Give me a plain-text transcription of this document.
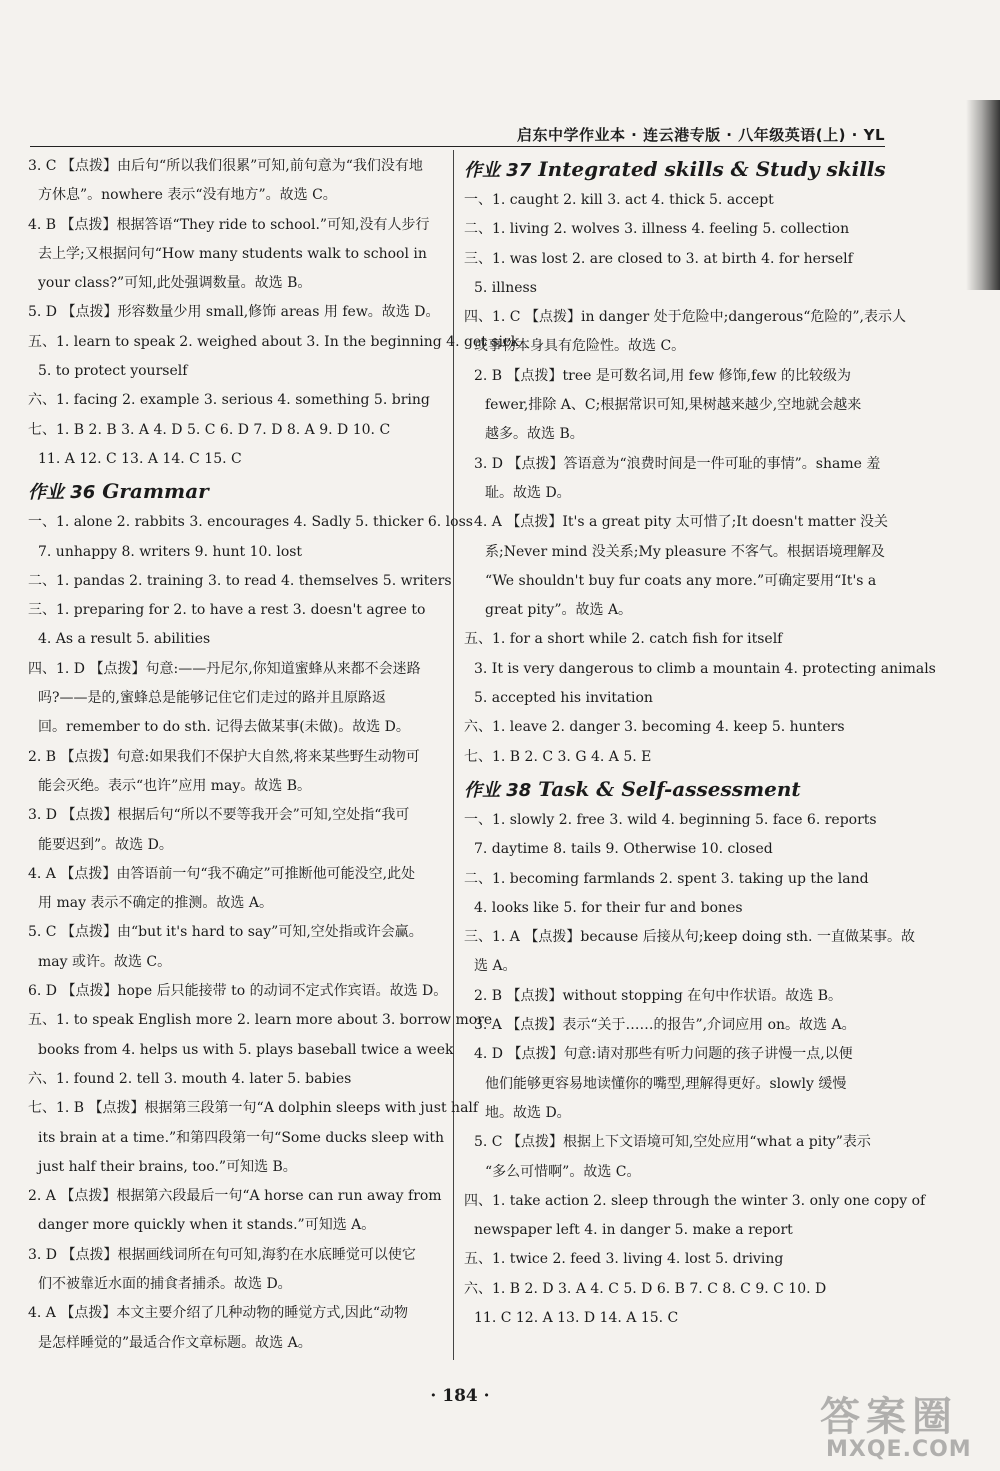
启东中学作业本 · 连云港专版 · 八年级英语(上) · YL
3. C 【点拨】由后句“所以我们很累”可知,前句意为“我们没有地
方休息”。nowhere 表示“没有地方”。故选 C。
4. B 【点拨】根据答语“They ride to school.”可知,没有人步行
去上学;又根据问句“How many students walk to school in
your class?”可知,此处强调数量。故选 B。
5. D 【点拨】形容数量少用 small,修饰 areas 用 few。故选 D。
五、1. learn to speak 2. weighed about 3. In the beginning 4. get sick
5. to protect yourself
六、1. facing 2. example 3. serious 4. something 5. bring
七、1. B 2. B 3. A 4. D 5. C 6. D 7. D 8. A 9. D 10. C
11. A 12. C 13. A 14. C 15. C
作业 36 Grammar
一、1. alone 2. rabbits 3. encourages 4. Sadly 5. thicker 6. loss
7. unhappy 8. writers 9. hunt 10. lost
二、1. pandas 2. training 3. to read 4. themselves 5. writers
三、1. preparing for 2. to have a rest 3. doesn't agree to
4. As a result 5. abilities
四、1. D 【点拨】句意:——丹尼尔,你知道蜜蜂从来都不会迷路
吗?——是的,蜜蜂总是能够记住它们走过的路并且原路返
回。remember to do sth. 记得去做某事(未做)。故选 D。
2. B 【点拨】句意:如果我们不保护大自然,将来某些野生动物可
能会灭绝。表示“也许”应用 may。故选 B。
3. D 【点拨】根据后句“所以不要等我开会”可知,空处指“我可
能要迟到”。故选 D。
4. A 【点拨】由答语前一句“我不确定”可推断他可能没空,此处
用 may 表示不确定的推测。故选 A。
5. C 【点拨】由“but it's hard to say”可知,空处指或许会赢。
may 或许。故选 C。
6. D 【点拨】hope 后只能接带 to 的动词不定式作宾语。故选 D。
五、1. to speak English more 2. learn more about 3. borrow more
books from 4. helps us with 5. plays baseball twice a week
六、1. found 2. tell 3. mouth 4. later 5. babies
七、1. B 【点拨】根据第三段第一句“A dolphin sleeps with just half
its brain at a time.”和第四段第一句“Some ducks sleep with
just half their brains, too.”可知选 B。
2. A 【点拨】根据第六段最后一句“A horse can run away from
danger more quickly when it stands.”可知选 A。
3. D 【点拨】根据画线词所在句可知,海豹在水底睡觉可以使它
们不被靠近水面的捕食者捕杀。故选 D。
4. A 【点拨】本文主要介绍了几种动物的睡觉方式,因此“动物
是怎样睡觉的”最适合作文章标题。故选 A。
作业 37 Integrated skills & Study skills
一、1. caught 2. kill 3. act 4. thick 5. accept
二、1. living 2. wolves 3. illness 4. feeling 5. collection
三、1. was lost 2. are closed to 3. at birth 4. for herself
5. illness
四、1. C 【点拨】in danger 处于危险中;dangerous“危险的”,表示人
或事物本身具有危险性。故选 C。
2. B 【点拨】tree 是可数名词,用 few 修饰,few 的比较级为
fewer,排除 A、C;根据常识可知,果树越来越少,空地就会越来
越多。故选 B。
3. D 【点拨】答语意为“浪费时间是一件可耻的事情”。shame 羞
耻。故选 D。
4. A 【点拨】It's a great pity 太可惜了;It doesn't matter 没关
系;Never mind 没关系;My pleasure 不客气。根据语境理解及
“We shouldn't buy fur coats any more.”可确定要用“It's a
great pity”。故选 A。
五、1. for a short while 2. catch fish for itself
3. It is very dangerous to climb a mountain 4. protecting animals
5. accepted his invitation
六、1. leave 2. danger 3. becoming 4. keep 5. hunters
七、1. B 2. C 3. G 4. A 5. E
作业 38 Task & Self-assessment
一、1. slowly 2. free 3. wild 4. beginning 5. face 6. reports
7. daytime 8. tails 9. Otherwise 10. closed
二、1. becoming farmlands 2. spent 3. taking up the land
4. looks like 5. for their fur and bones
三、1. A 【点拨】because 后接从句;keep doing sth. 一直做某事。故
选 A。
2. B 【点拨】without stopping 在句中作状语。故选 B。
3. A 【点拨】表示“关于……的报告”,介词应用 on。故选 A。
4. D 【点拨】句意:请对那些有听力问题的孩子讲慢一点,以便
他们能够更容易地读懂你的嘴型,理解得更好。slowly 缓慢
地。故选 D。
5. C 【点拨】根据上下文语境可知,空处应用“what a pity”表示
“多么可惜啊”。故选 C。
四、1. take action 2. sleep through the winter 3. only one copy of
newspaper left 4. in danger 5. make a report
五、1. twice 2. feed 3. living 4. lost 5. driving
六、1. B 2. D 3. A 4. C 5. D 6. B 7. C 8. C 9. C 10. D
11. C 12. A 13. D 14. A 15. C
· 184 ·	答案圈
MXQE.COM
